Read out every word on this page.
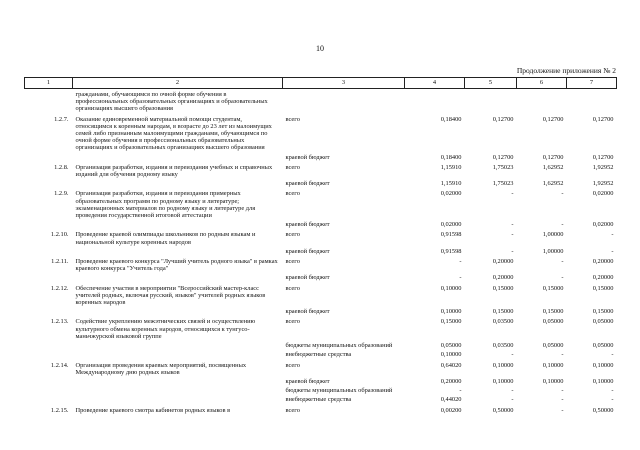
10
Продолжение приложения № 2
1	2	3	4	5	6	7
	гражданами, обучающимся по очной форме обучения в профессиональных образовательных организациях и образовательных организациях высшего образования					
1.2.7.	Оказание единовременной материальной помощи студентам, относящимся к коренным народам, в возрасте до 23 лет из малоимущих семей либо признанным малоимущими гражданами, обучающимся по очной форме обучения в профессиональных образовательных организациях и образовательных организациях высшего образования	всего	0,18400	0,12700	0,12700	0,12700
		краевой бюджет	0,18400	0,12700	0,12700	0,12700
1.2.8.	Организация разработки, издания и переиздания учебных и справочных изданий для обучения родному языку	всего	1,15910	1,75023	1,62952	1,92952
		краевой бюджет	1,15910	1,75023	1,62952	1,92952
1.2.9.	Организация разработки, издания и переиздания примерных образовательных программ по родному языку и литературе; экзаменационных материалов по родному языку и литературе для проведения государственной итоговой аттестации	всего	0,02000	-	-	0,02000
		краевой бюджет	0,02000	-	-	0,02000
1.2.10.	Проведение краевой олимпиады школьников по родным языкам и национальной культуре коренных народов	всего	0,91598	-	1,00000	-
		краевой бюджет	0,91598	-	1,00000	-
1.2.11.	Проведение краевого конкурса "Лучший учитель родного языка" в рамках краевого конкурса "Учитель года"	всего	-	0,20000	-	0,20000
		краевой бюджет	-	0,20000	-	0,20000
1.2.12.	Обеспечение участия в мероприятии "Всероссийский мастер-класс учителей родных, включая русский, языков" учителей родных языков коренных народов	всего	0,10000	0,15000	0,15000	0,15000
		краевой бюджет	0,10000	0,15000	0,15000	0,15000
1.2.13.	Содействие укреплению межэтнических связей и осуществлению культурного обмена коренных народов, относящихся к тунгусо-маньчжурской языковой группе	всего	0,15000	0,03500	0,05000	0,05000
		бюджеты муниципальных образований	0,05000	0,03500	0,05000	0,05000
		внебюджетные средства	0,10000	-	-	-
1.2.14.	Организация проведения краевых мероприятий, посвященных Международному дню родных языков	всего	0,64020	0,10000	0,10000	0,10000
		краевой бюджет	0,20000	0,10000	0,10000	0,10000
		бюджеты муниципальных образований	-	-	-	-
		внебюджетные средства	0,44020	-	-	-
1.2.15.	Проведение краевого смотра кабинетов родных языков в	всего	0,00200	0,50000	-	0,50000
